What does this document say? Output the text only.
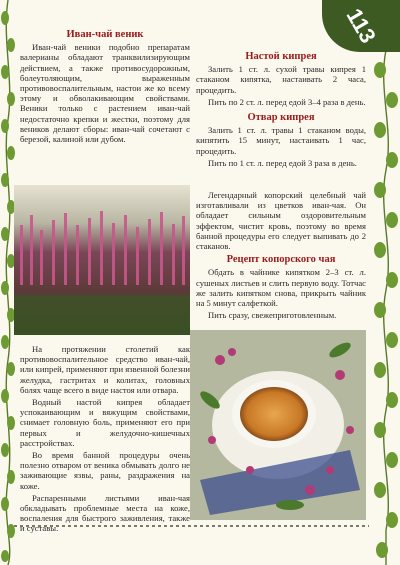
113

Иван-чай веник

Иван-чай веники подобно препаратам валерианы обладают транквилизирующим действием, а также противосудорожным, болеутоляющим, выраженным противовоспалительным, настои же ко всему этому и обволакивающим свойствами. Веники только с растением иван-чай недостаточно крепки и жестки, поэтому для веников делают сборы: иван-чай сочетают с березой, калиной или дубом.

На протяжении столетий как противовоспалительное средство иван-чай, или кипрей, применяют при язвенной болезни желудка, гастритах и колитах, головных болях чаще всего в виде настоя или отвара.

Водный настой кипрея обладает успокаивающим и вяжущим свойствами, снимает головную боль, применяют его при первых и желудочно-кишечных расстройствах.

Во время банной процедуры очень полезно отваром от веника обмывать долго не заживающие язвы, раны, раздражения на коже.

Распаренными листьями иван-чая обкладывать проблемные места на коже, воспаления для быстрого заживления, также и суставы.

Настой кипрея

Залить 1 ст. л. сухой травы кипрея 1 стаканом кипятка, настаивать 2 часа, процедить.

Пить по 2 ст. л. перед едой 3–4 раза в день.

Отвар кипрея

Залить 1 ст. л. травы 1 стаканом воды, кипятить 15 минут, настаивать 1 час, процедить.

Пить по 1 ст. л. перед едой 3 раза в день.

Легендарный копорский целебный чай изготавливали из цветков иван-чая. Он обладает сильным оздоровительным эффектом, чистит кровь, поэтому во время банной процедуры его следует выпивать до 2 стаканов.

Рецепт копорского чая

Обдать в чайнике кипятком 2–3 ст. л. сушеных листьев и слить первую воду. Тотчас же залить кипятком снова, прикрыть чайник на 5 минут салфеткой.

Пить сразу, свежеприготовленным.
